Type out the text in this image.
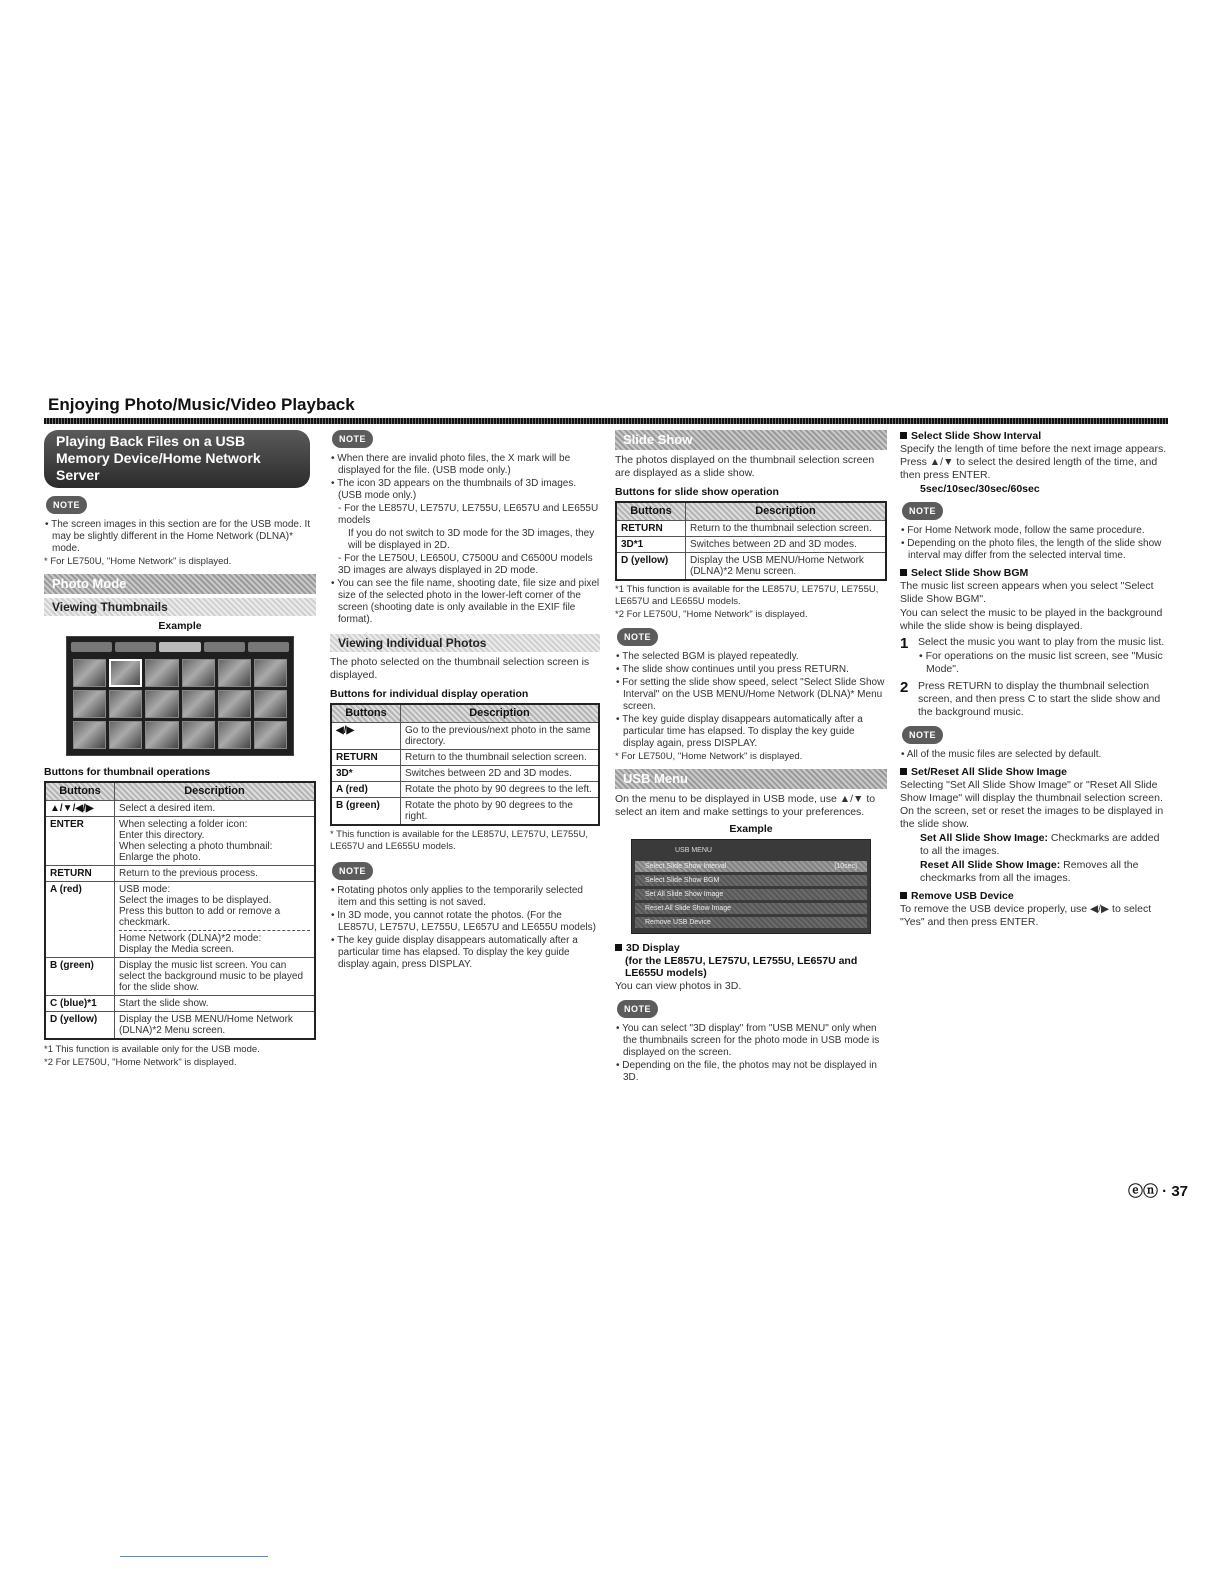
Enjoying Photo/Music/Video Playback
Playing Back Files on a USB Memory Device/Home Network Server
NOTE
• The screen images in this section are for the USB mode. It may be slightly different in the Home Network (DLNA)* mode.
* For LE750U, "Home Network" is displayed.
Photo Mode
Viewing Thumbnails
Example
Buttons for thumbnail operations
Buttons	Description
▲/▼/◀/▶	Select a desired item.
ENTER	When selecting a folder icon:
Enter this directory.
When selecting a photo thumbnail:
Enlarge the photo.
RETURN	Return to the previous process.
A (red)	USB mode:
Select the images to be displayed.
Press this button to add or remove a checkmark.
Home Network (DLNA)*2 mode:
Display the Media screen.

B (green)	Display the music list screen. You can select the background music to be played for the slide show.
C (blue)*1	Start the slide show.
D (yellow)	Display the USB MENU/Home Network (DLNA)*2 Menu screen.
*1 This function is available only for the USB mode.
*2 For LE750U, "Home Network" is displayed.
NOTE
• When there are invalid photo files, the X mark will be displayed for the file. (USB mode only.)
• The icon 3D appears on the thumbnails of 3D images. (USB mode only.)
- For the LE857U, LE757U, LE755U, LE657U and LE655U models
If you do not switch to 3D mode for the 3D images, they will be displayed in 2D.
- For the LE750U, LE650U, C7500U and C6500U models 3D images are always displayed in 2D mode.
• You can see the file name, shooting date, file size and pixel size of the selected photo in the lower-left corner of the screen (shooting date is only available in the EXIF file format).
Viewing Individual Photos
The photo selected on the thumbnail selection screen is displayed.
Buttons for individual display operation
Buttons	Description
◀/▶	Go to the previous/next photo in the same directory.
RETURN	Return to the thumbnail selection screen.
3D*	Switches between 2D and 3D modes.
A (red)	Rotate the photo by 90 degrees to the left.
B (green)	Rotate the photo by 90 degrees to the right.
* This function is available for the LE857U, LE757U, LE755U, LE657U and LE655U models.
NOTE
• Rotating photos only applies to the temporarily selected item and this setting is not saved.
• In 3D mode, you cannot rotate the photos. (For the LE857U, LE757U, LE755U, LE657U and LE655U models)
• The key guide display disappears automatically after a particular time has elapsed. To display the key guide display again, press DISPLAY.
Slide Show
The photos displayed on the thumbnail selection screen are displayed as a slide show.
Buttons for slide show operation
Buttons	Description
RETURN	Return to the thumbnail selection screen.
3D*1	Switches between 2D and 3D modes.
D (yellow)	Display the USB MENU/Home Network (DLNA)*2 Menu screen.
*1 This function is available for the LE857U, LE757U, LE755U, LE657U and LE655U models.
*2 For LE750U, "Home Network" is displayed.
NOTE
• The selected BGM is played repeatedly.
• The slide show continues until you press RETURN.
• For setting the slide show speed, select "Select Slide Show Interval" on the USB MENU/Home Network (DLNA)* Menu screen.
• The key guide display disappears automatically after a particular time has elapsed. To display the key guide display again, press DISPLAY.
* For LE750U, "Home Network" is displayed.
USB Menu
On the menu to be displayed in USB mode, use ▲/▼ to select an item and make settings to your preferences.
Example
USB MENU
Select Slide Show Interval	[10sec]
Select Slide Show BGM
Set All Slide Show Image
Reset All Slide Show Image
Remove USB Device
3D Display
(for the LE857U, LE757U, LE755U, LE657U and LE655U models)
You can view photos in 3D.
NOTE
• You can select "3D display" from "USB MENU" only when the thumbnails screen for the photo mode in USB mode is displayed on the screen.
• Depending on the file, the photos may not be displayed in 3D.
Select Slide Show Interval
Specify the length of time before the next image appears. Press ▲/▼ to select the desired length of the time, and then press ENTER.
5sec/10sec/30sec/60sec
NOTE
• For Home Network mode, follow the same procedure.
• Depending on the photo files, the length of the slide show interval may differ from the selected interval time.
Select Slide Show BGM
The music list screen appears when you select "Select Slide Show BGM".
You can select the music to be played in the background while the slide show is being displayed.
1 Select the music you want to play from the music list.
• For operations on the music list screen, see "Music Mode".
2 Press RETURN to display the thumbnail selection screen, and then press C to start the slide show and the background music.
NOTE
• All of the music files are selected by default.
Set/Reset All Slide Show Image
Selecting "Set All Slide Show Image" or "Reset All Slide Show Image" will display the thumbnail selection screen. On the screen, set or reset the images to be displayed in the slide show.
Set All Slide Show Image: Checkmarks are added to all the images.
Reset All Slide Show Image: Removes all the checkmarks from all the images.
Remove USB Device
To remove the USB device properly, use ◀/▶ to select "Yes" and then press ENTER.
ⓔⓝ · 37
